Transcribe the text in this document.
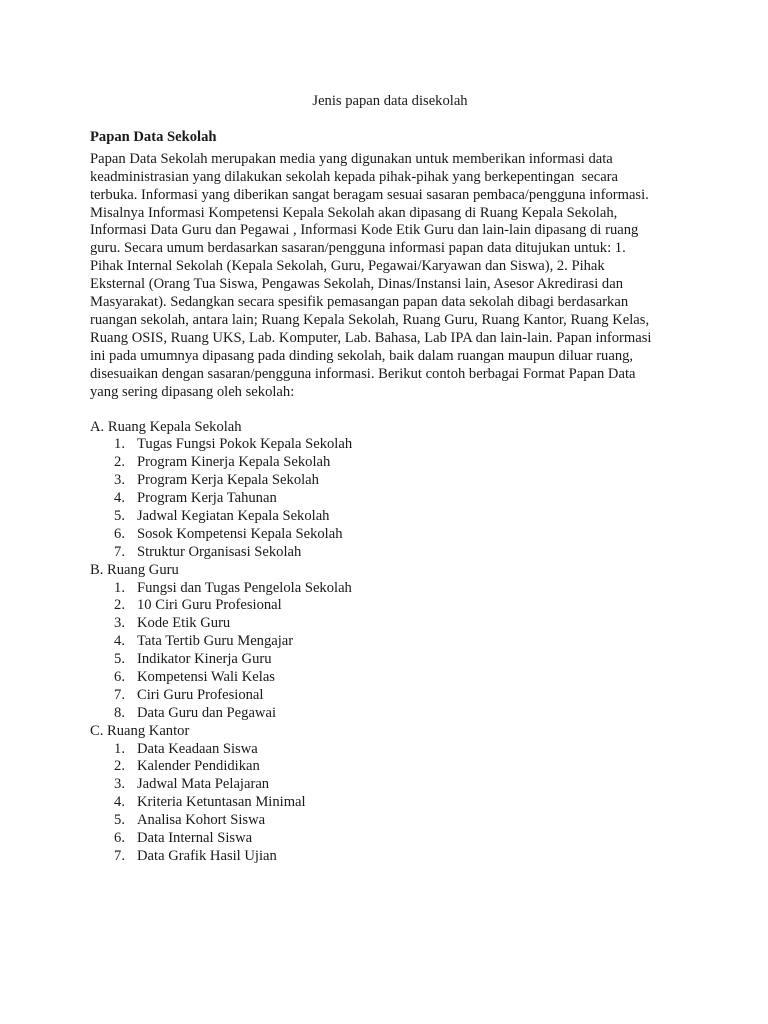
Jenis papan data disekolah
Papan Data Sekolah
Papan Data Sekolah merupakan media yang digunakan untuk memberikan informasi data
keadministrasian yang dilakukan sekolah kepada pihak-pihak yang berkepentingan  secara
terbuka. Informasi yang diberikan sangat beragam sesuai sasaran pembaca/pengguna informasi.
Misalnya Informasi Kompetensi Kepala Sekolah akan dipasang di Ruang Kepala Sekolah,
Informasi Data Guru dan Pegawai , Informasi Kode Etik Guru dan lain-lain dipasang di ruang
guru. Secara umum berdasarkan sasaran/pengguna informasi papan data ditujukan untuk: 1.
Pihak Internal Sekolah (Kepala Sekolah, Guru, Pegawai/Karyawan dan Siswa), 2. Pihak
Eksternal (Orang Tua Siswa, Pengawas Sekolah, Dinas/Instansi lain, Asesor Akredirasi dan
Masyarakat). Sedangkan secara spesifik pemasangan papan data sekolah dibagi berdasarkan
ruangan sekolah, antara lain; Ruang Kepala Sekolah, Ruang Guru, Ruang Kantor, Ruang Kelas,
Ruang OSIS, Ruang UKS, Lab. Komputer, Lab. Bahasa, Lab IPA dan lain-lain. Papan informasi
ini pada umumnya dipasang pada dinding sekolah, baik dalam ruangan maupun diluar ruang,
disesuaikan dengan sasaran/pengguna informasi. Berikut contoh berbagai Format Papan Data
yang sering dipasang oleh sekolah:
A. Ruang Kepala Sekolah
1. Tugas Fungsi Pokok Kepala Sekolah
2. Program Kinerja Kepala Sekolah
3. Program Kerja Kepala Sekolah
4. Program Kerja Tahunan
5. Jadwal Kegiatan Kepala Sekolah
6. Sosok Kompetensi Kepala Sekolah
7. Struktur Organisasi Sekolah
B. Ruang Guru
1. Fungsi dan Tugas Pengelola Sekolah
2. 10 Ciri Guru Profesional
3. Kode Etik Guru
4. Tata Tertib Guru Mengajar
5. Indikator Kinerja Guru
6. Kompetensi Wali Kelas
7. Ciri Guru Profesional
8. Data Guru dan Pegawai
C. Ruang Kantor
1. Data Keadaan Siswa
2. Kalender Pendidikan
3. Jadwal Mata Pelajaran
4. Kriteria Ketuntasan Minimal
5. Analisa Kohort Siswa
6. Data Internal Siswa
7. Data Grafik Hasil Ujian
